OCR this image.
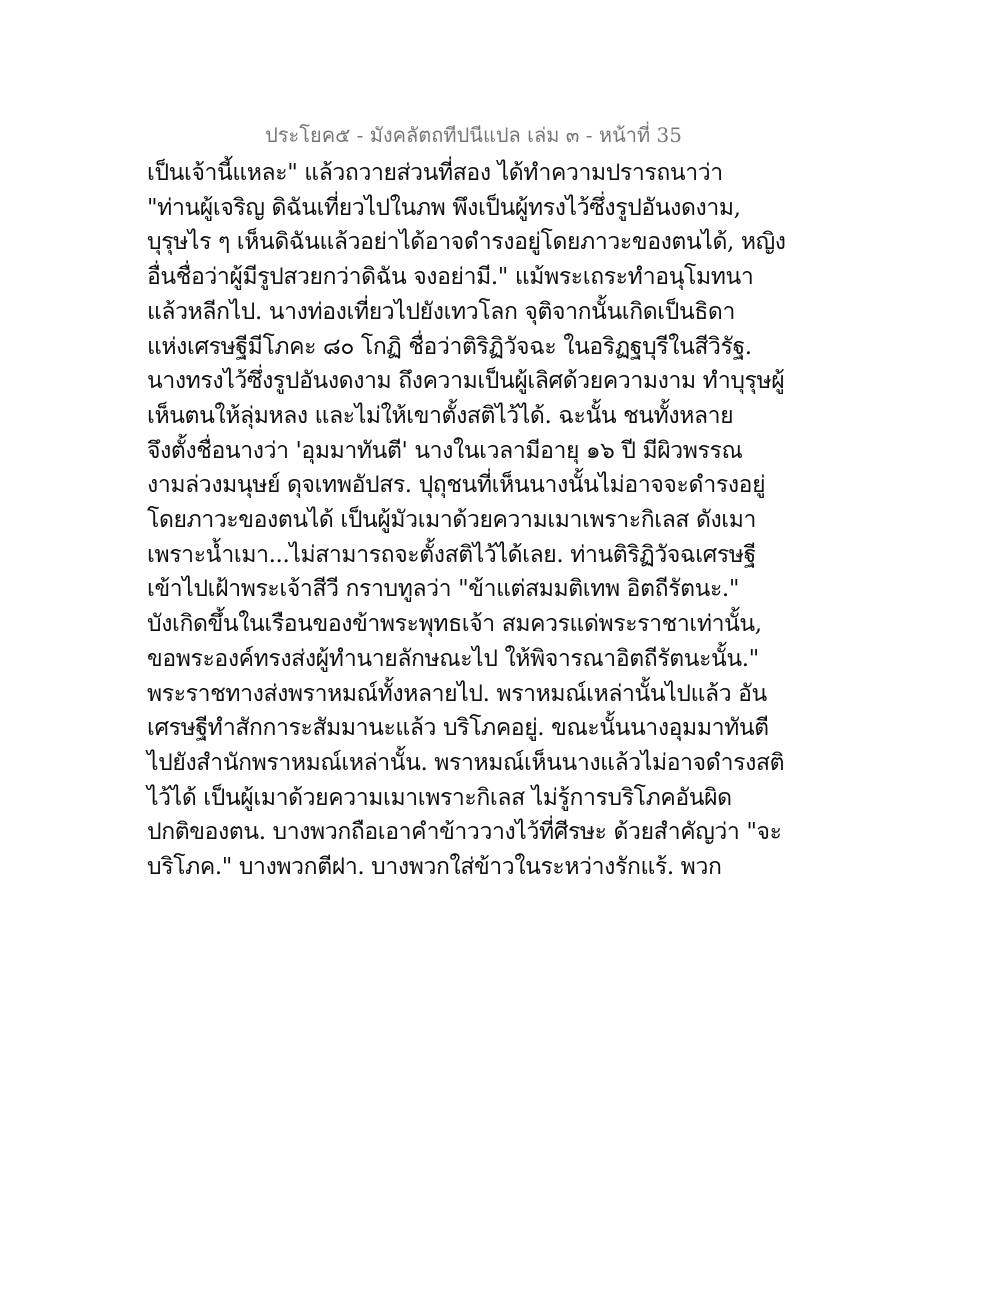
ประโยค๕ - มังคลัตถทีปนีแปล เล่ม ๓ - หน้าที่ 35
เป็นเจ้านี้แหละ" แล้วถวายส่วนที่สอง ได้ทำความปรารถนาว่า
"ท่านผู้เจริญ ดิฉันเที่ยวไปในภพ พึงเป็นผู้ทรงไว้ซึ่งรูปอันงดงาม,
บุรุษไร ๆ เห็นดิฉันแล้วอย่าได้อาจดำรงอยู่โดยภาวะของตนได้, หญิง
อื่นชื่อว่าผู้มีรูปสวยกว่าดิฉัน จงอย่ามี." แม้พระเถระทำอนุโมทนา
แล้วหลีกไป. นางท่องเที่ยวไปยังเทวโลก จุติจากนั้นเกิดเป็นธิดา
แห่งเศรษฐีมีโภคะ ๘๐ โกฏิ ชื่อว่าติริฏิวัจฉะ ในอริฏฐบุรีในสีวิรัฐ.
นางทรงไว้ซึ่งรูปอันงดงาม ถึงความเป็นผู้เลิศด้วยความงาม ทำบุรุษผู้
เห็นตนให้ลุ่มหลง และไม่ให้เขาตั้งสติไว้ได้. ฉะนั้น ชนทั้งหลาย
จึงตั้งชื่อนางว่า 'อุมมาทันตี' นางในเวลามีอายุ ๑๖ ปี มีผิวพรรณ
งามล่วงมนุษย์ ดุจเทพอัปสร. ปุถุชนที่เห็นนางนั้นไม่อาจจะดำรงอยู่
โดยภาวะของตนได้ เป็นผู้มัวเมาด้วยความเมาเพราะกิเลส ดังเมา
เพราะน้ำเมา...ไม่สามารถจะตั้งสติไว้ได้เลย. ท่านติริฏิวัจฉเศรษฐี
เข้าไปเฝ้าพระเจ้าสีวี กราบทูลว่า "ข้าแต่สมมติเทพ อิตถีรัตนะ."
บังเกิดขึ้นในเรือนของข้าพระพุทธเจ้า สมควรแด่พระราชาเท่านั้น,
ขอพระองค์ทรงส่งผู้ทำนายลักษณะไป ให้พิจารณาอิตถีรัตนะนั้น."
พระราชทางส่งพราหมณ์ทั้งหลายไป. พราหมณ์เหล่านั้นไปแล้ว อัน
เศรษฐีทำสักการะสัมมานะแล้ว บริโภคอยู่. ขณะนั้นนางอุมมาทันตี
ไปยังสำนักพราหมณ์เหล่านั้น. พราหมณ์เห็นนางแล้วไม่อาจดำรงสติ
ไว้ได้ เป็นผู้เมาด้วยความเมาเพราะกิเลส ไม่รู้การบริโภคอันผิด
ปกติของตน. บางพวกถือเอาคำข้าววางไว้ที่ศีรษะ ด้วยสำคัญว่า "จะ
บริโภค." บางพวกตีฝา. บางพวกใส่ข้าวในระหว่างรักแร้. พวก
